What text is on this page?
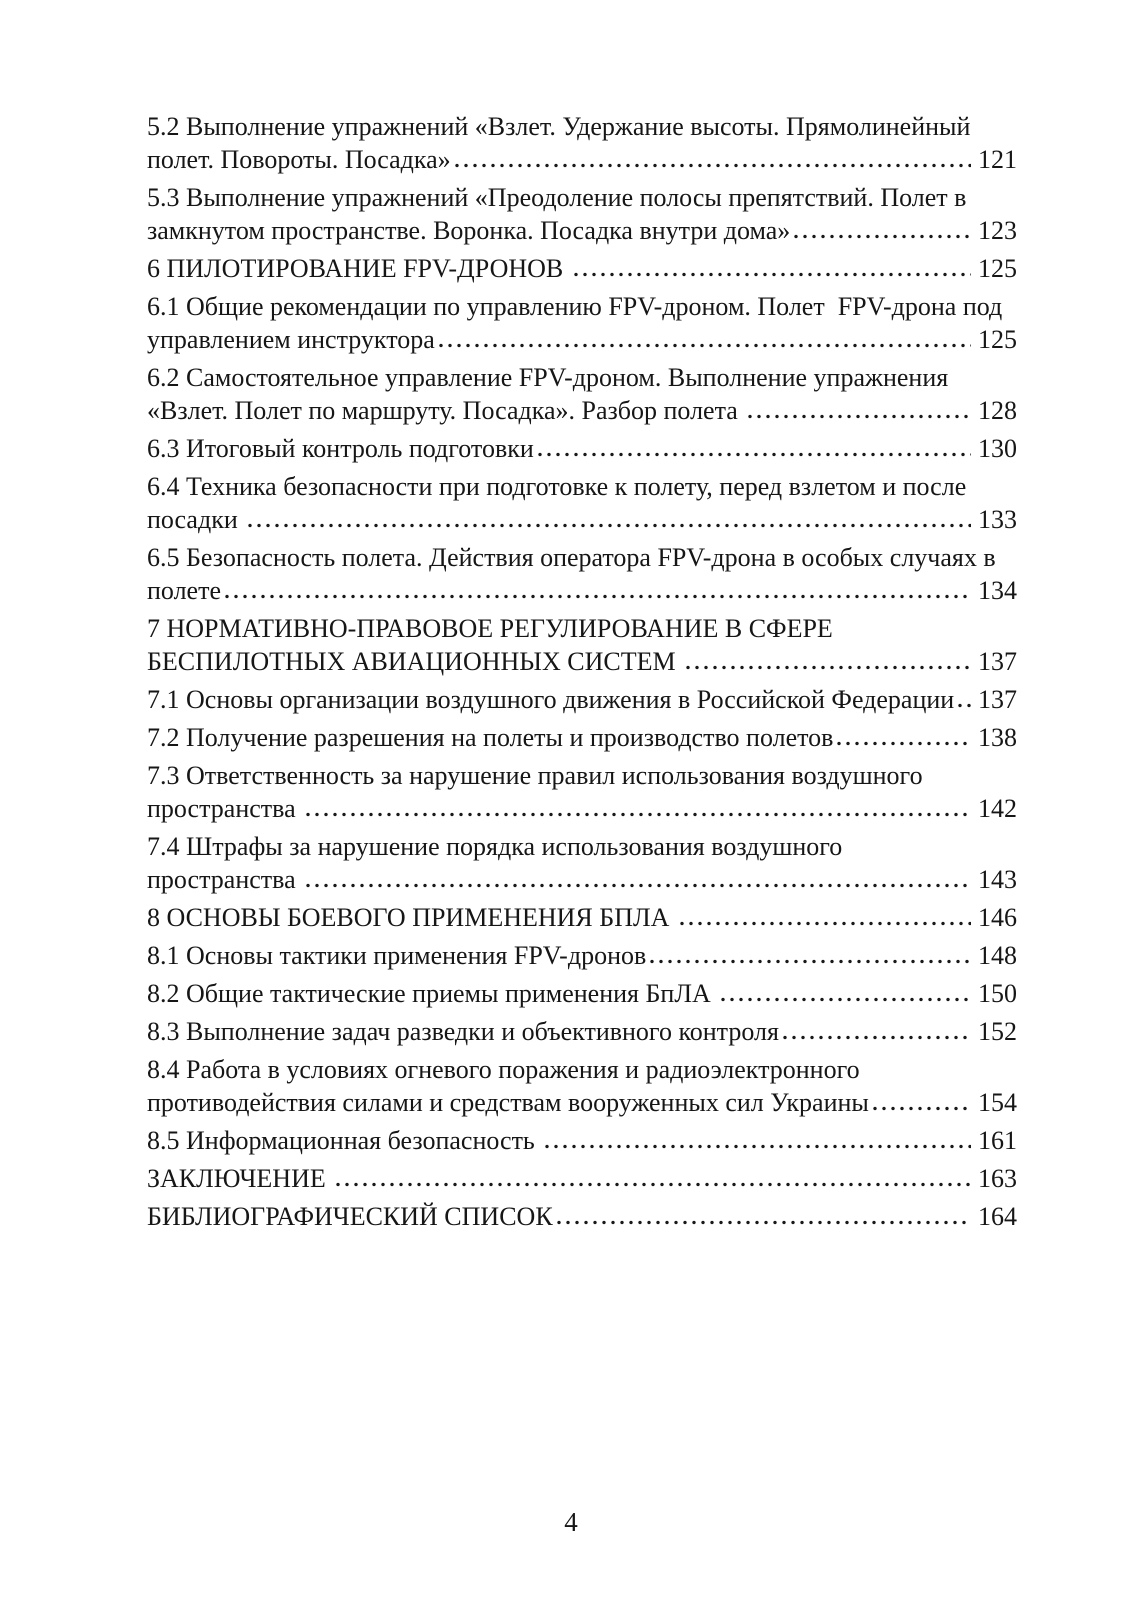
5.2 Выполнение упражнений «Взлет. Удержание высоты. Прямолинейный
полет. Повороты. Посадка»	121
5.3 Выполнение упражнений «Преодоление полосы препятствий. Полет в
замкнутом пространстве. Воронка. Посадка внутри дома»	123
6 ПИЛОТИРОВАНИЕ FPV-ДРОНОВ	125
6.1 Общие рекомендации по управлению FPV-дроном. Полет  FPV-дрона под
управлением инструктора	125
6.2 Самостоятельное управление FPV-дроном. Выполнение упражнения
«Взлет. Полет по маршруту. Посадка». Разбор полета	128
6.3 Итоговый контроль подготовки	130
6.4 Техника безопасности при подготовке к полету, перед взлетом и после
посадки	133
6.5 Безопасность полета. Действия оператора FPV-дрона в особых случаях в
полете	134
7 НОРМАТИВНО-ПРАВОВОЕ РЕГУЛИРОВАНИЕ В СФЕРЕ
БЕСПИЛОТНЫХ АВИАЦИОННЫХ СИСТЕМ	137
7.1 Основы организации воздушного движения в Российской Федерации 137
7.2 Получение разрешения на полеты и производство полетов	138
7.3 Ответственность за нарушение правил использования воздушного
пространства	142
7.4 Штрафы за нарушение порядка использования воздушного
пространства	143
8 ОСНОВЫ БОЕВОГО ПРИМЕНЕНИЯ БПЛА	146
8.1 Основы тактики применения FPV-дронов	148
8.2 Общие тактические приемы применения БпЛА	150
8.3 Выполнение задач разведки и объективного контроля	152
8.4 Работа в условиях огневого поражения и радиоэлектронного
противодействия силами и средствам вооруженных сил Украины	154
8.5 Информационная безопасность	161
ЗАКЛЮЧЕНИЕ	163
БИБЛИОГРАФИЧЕСКИЙ СПИСОК	164
4
